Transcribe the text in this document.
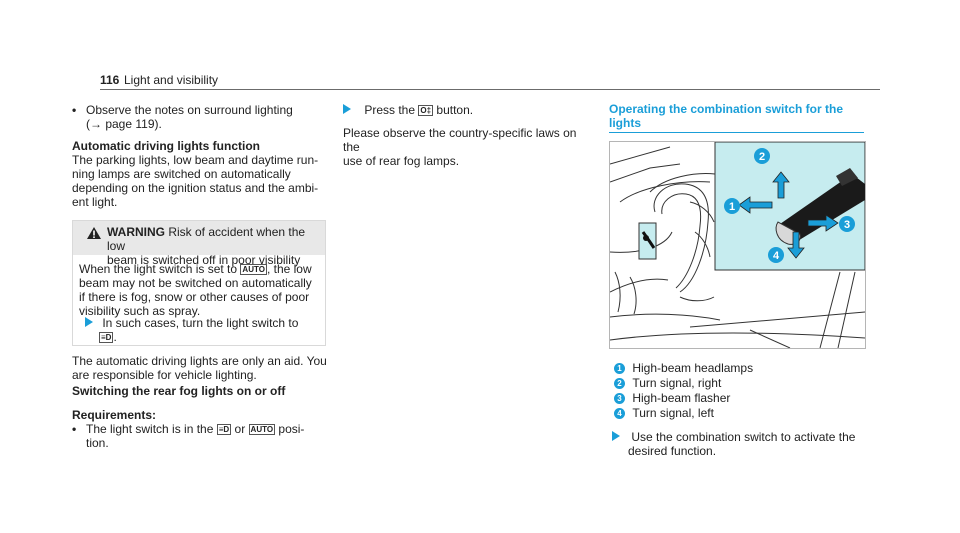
116 Light and visibility
• Observe the notes on surround lighting
(→ page 119).
Automatic driving lights function
The parking lights, low beam and daytime run-
ning lamps are switched on automatically
depending on the ignition status and the ambi-
ent light.
WARNING Risk of accident when the low
beam is switched off in poor visibility
When the light switch is set to AUTO , the low
beam may not be switched on automatically
if there is fog, snow or other causes of poor
visibility such as spray.
In such cases, turn the light switch to
≡D .
The automatic driving lights are only an aid. You
are responsible for vehicle lighting.
Switching the rear fog lights on or off
Requirements:
• The light switch is in the ≡D or AUTO posi-
tion.
Press the O‡ button.
Please observe the country-specific laws on the
use of rear fog lamps.
Operating the combination switch for the
lights
2
1
3
4
1 High-beam headlamps
2 Turn signal, right
3 High-beam flasher
4 Turn signal, left
Use the combination switch to activate the
desired function.
